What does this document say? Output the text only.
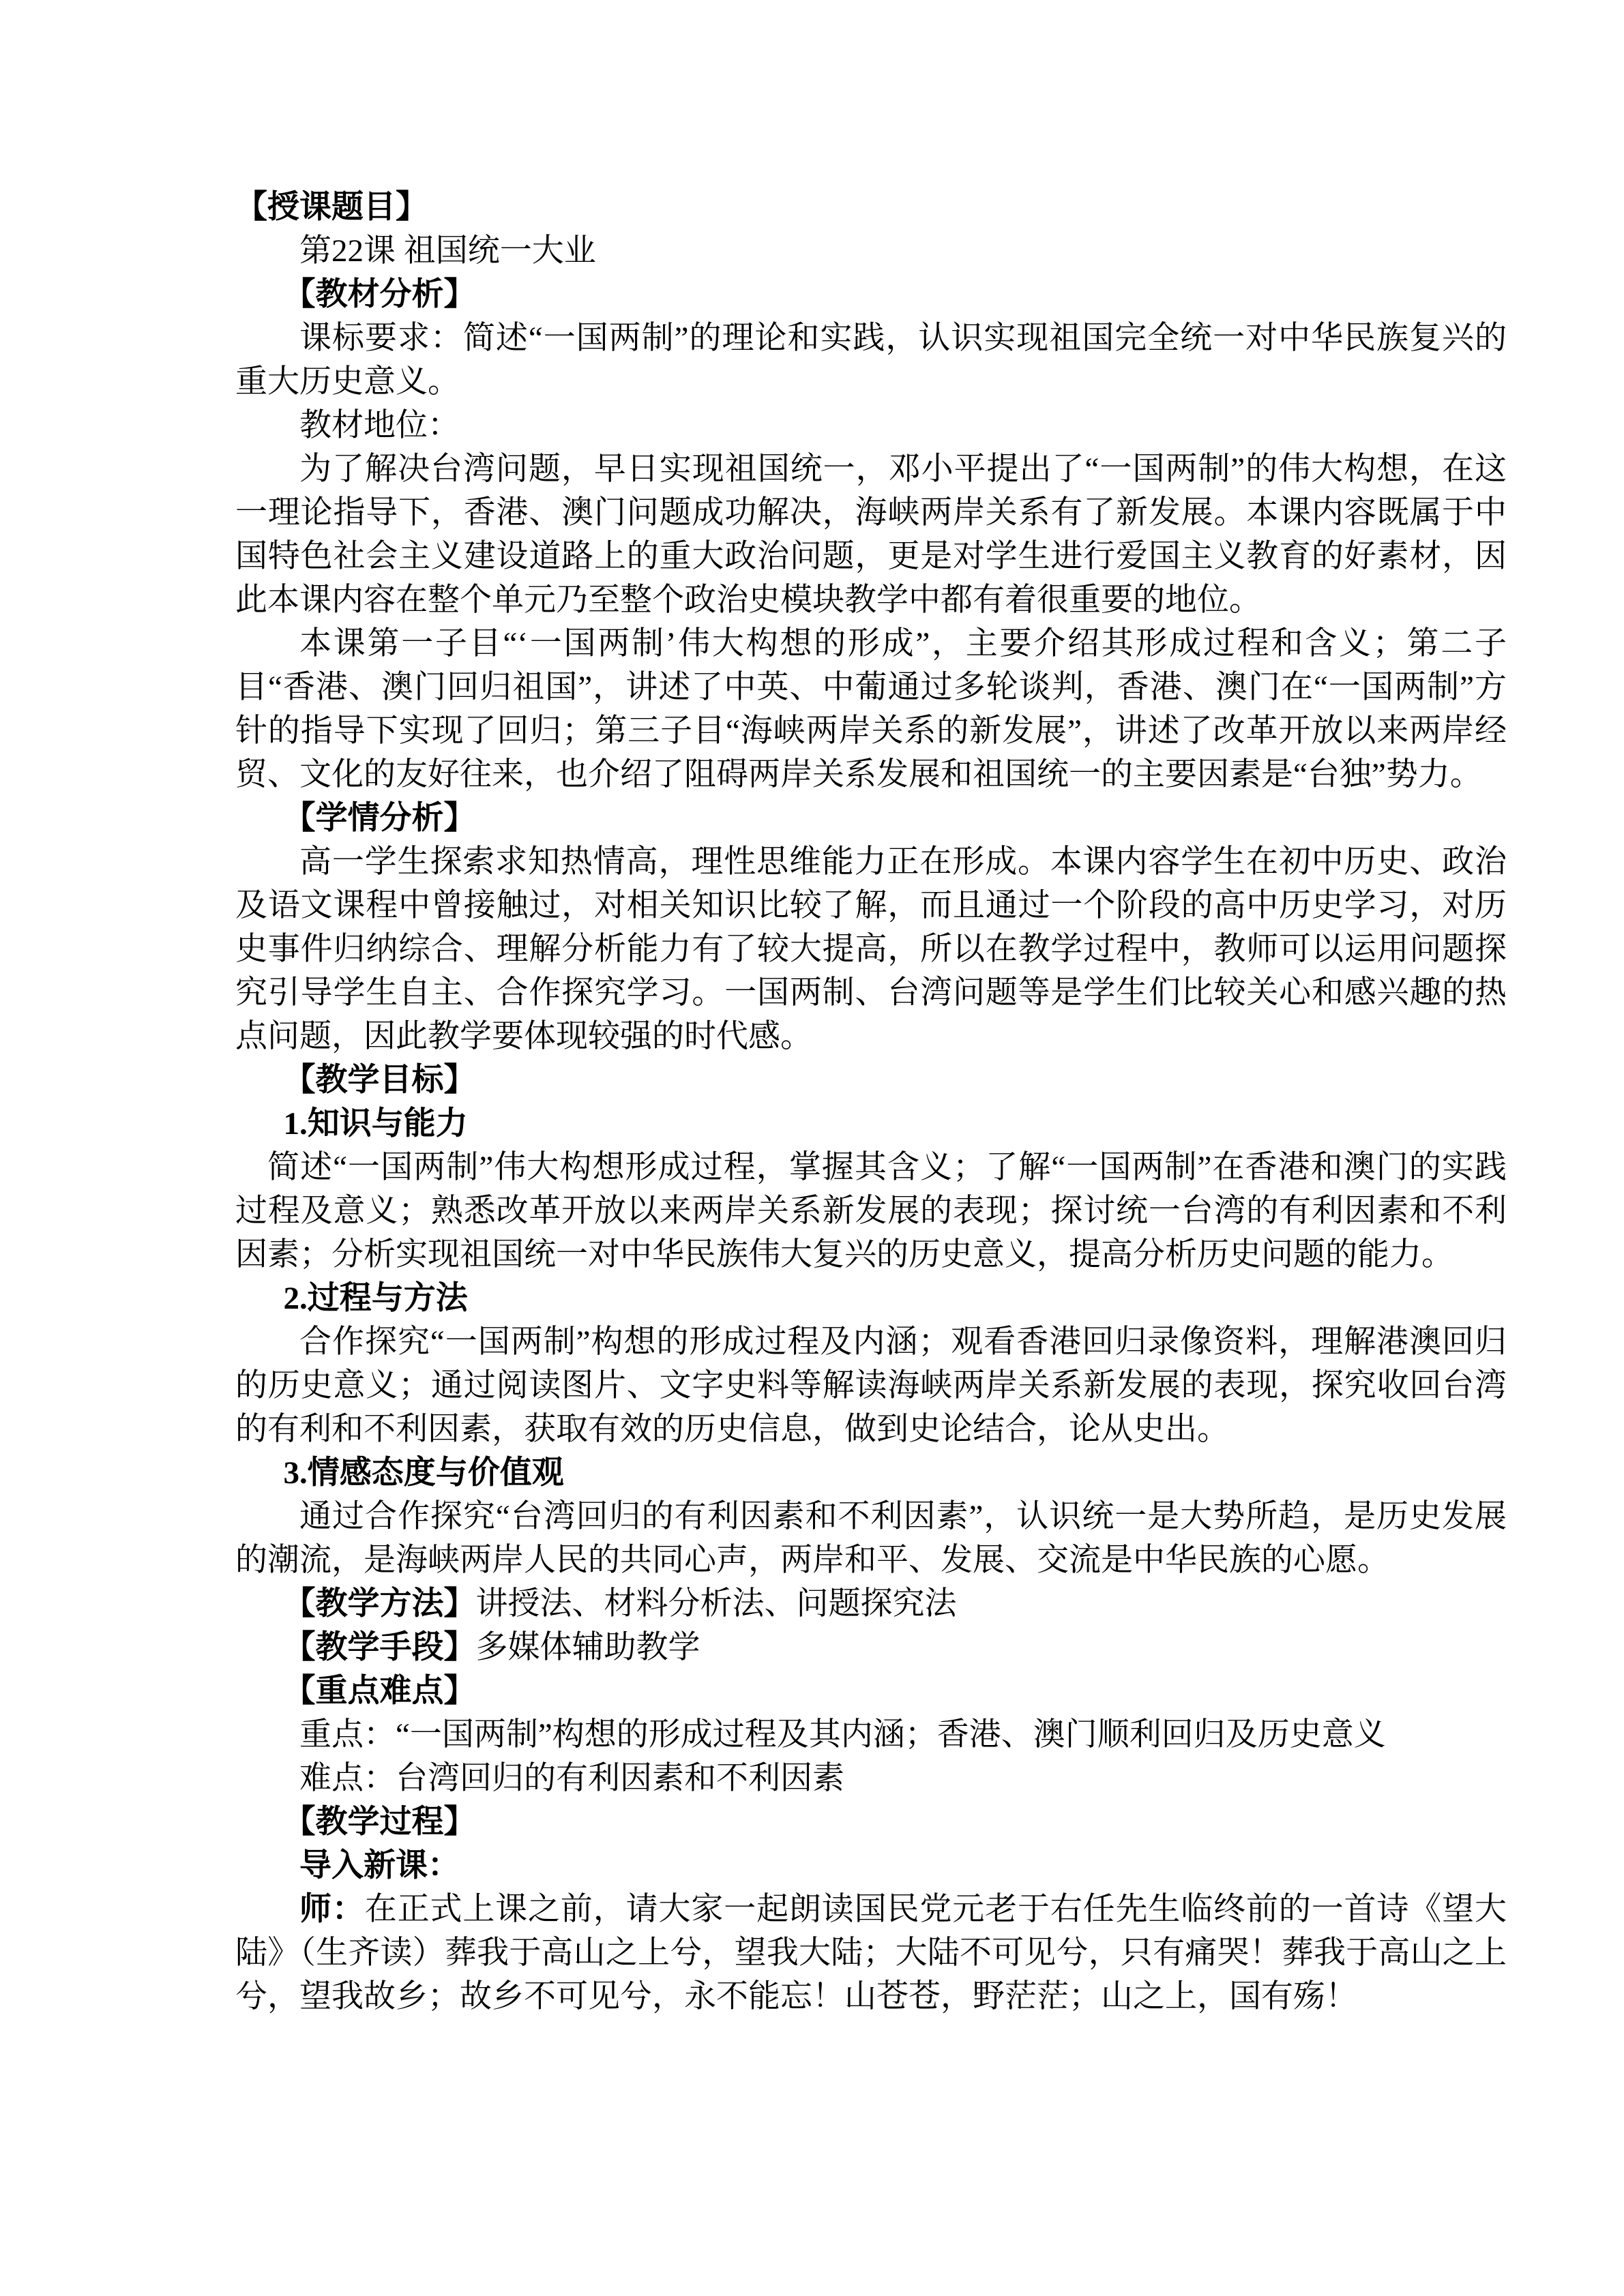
【授课题目】

第22课 祖国统一大业

【教材分析】

课标要求：简述“一国两制”的理论和实践，认识实现祖国完全统一对中华民族复兴的重大历史意义。

教材地位：

为了解决台湾问题，早日实现祖国统一，邓小平提出了“一国两制”的伟大构想，在这一理论指导下，香港、澳门问题成功解决，海峡两岸关系有了新发展。本课内容既属于中国特色社会主义建设道路上的重大政治问题，更是对学生进行爱国主义教育的好素材，因此本课内容在整个单元乃至整个政治史模块教学中都有着很重要的地位。

本课第一子目“‘一国两制’伟大构想的形成”，主要介绍其形成过程和含义；第二子目“香港、澳门回归祖国”，讲述了中英、中葡通过多轮谈判，香港、澳门在“一国两制”方针的指导下实现了回归；第三子目“海峡两岸关系的新发展”，讲述了改革开放以来两岸经贸、文化的友好往来，也介绍了阻碍两岸关系发展和祖国统一的主要因素是“台独”势力。

【学情分析】

高一学生探索求知热情高，理性思维能力正在形成。本课内容学生在初中历史、政治及语文课程中曾接触过，对相关知识比较了解，而且通过一个阶段的高中历史学习，对历史事件归纳综合、理解分析能力有了较大提高，所以在教学过程中，教师可以运用问题探究引导学生自主、合作探究学习。一国两制、台湾问题等是学生们比较关心和感兴趣的热点问题，因此教学要体现较强的时代感。

【教学目标】

1.知识与能力

简述“一国两制”伟大构想形成过程，掌握其含义；了解“一国两制”在香港和澳门的实践过程及意义；熟悉改革开放以来两岸关系新发展的表现；探讨统一台湾的有利因素和不利因素；分析实现祖国统一对中华民族伟大复兴的历史意义，提高分析历史问题的能力。

2.过程与方法

合作探究“一国两制”构想的形成过程及内涵；观看香港回归录像资料，理解港澳回归的历史意义；通过阅读图片、文字史料等解读海峡两岸关系新发展的表现，探究收回台湾的有利和不利因素，获取有效的历史信息，做到史论结合，论从史出。

3.情感态度与价值观

通过合作探究“台湾回归的有利因素和不利因素”，认识统一是大势所趋，是历史发展的潮流，是海峡两岸人民的共同心声，两岸和平、发展、交流是中华民族的心愿。

【教学方法】讲授法、材料分析法、问题探究法

【教学手段】多媒体辅助教学

【重点难点】

重点：“一国两制”构想的形成过程及其内涵；香港、澳门顺利回归及历史意义

难点：台湾回归的有利因素和不利因素

【教学过程】

导入新课：

师：在正式上课之前，请大家一起朗读国民党元老于右任先生临终前的一首诗《望大陆》（生齐读）葬我于高山之上兮，望我大陆；大陆不可见兮，只有痛哭！葬我于高山之上兮，望我故乡；故乡不可见兮，永不能忘！山苍苍，野茫茫；山之上，国有殇！
